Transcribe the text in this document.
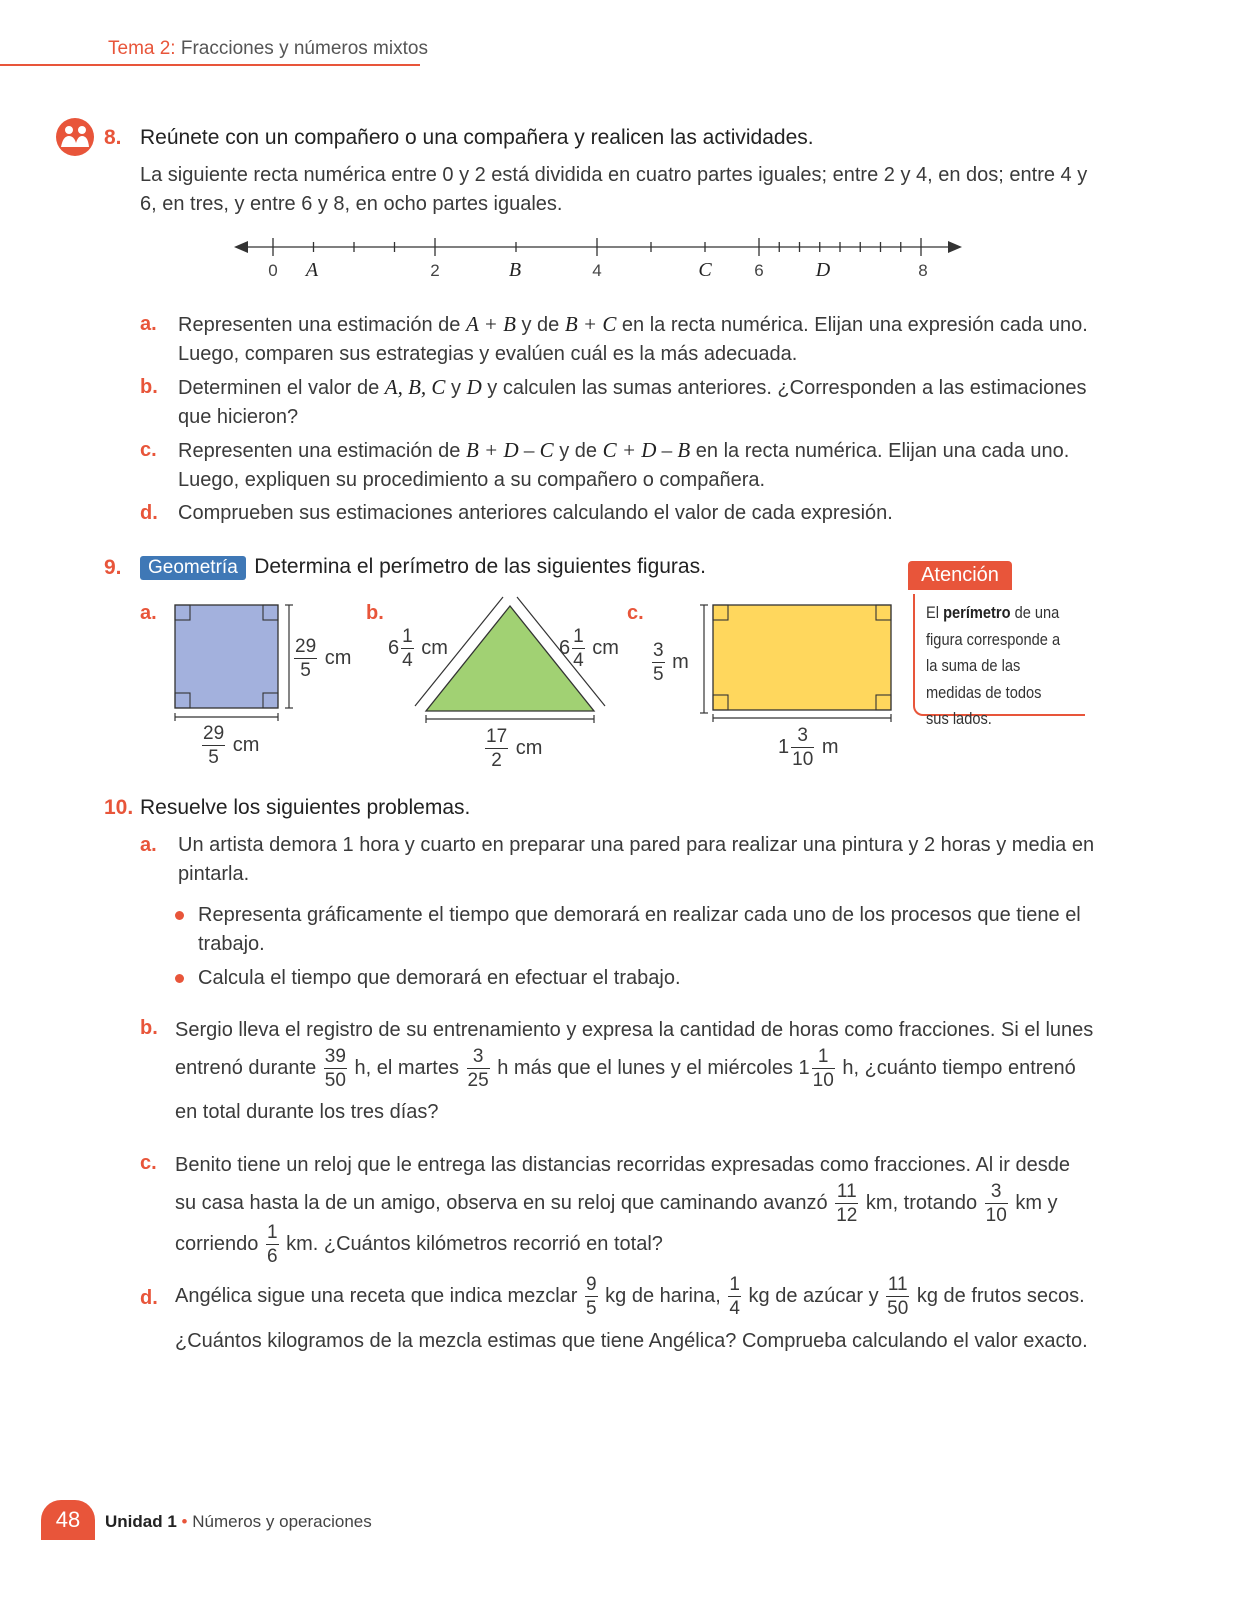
Tema 2: Fracciones y números mixtos
8. Reúnete con un compañero o una compañera y realicen las actividades.
La siguiente recta numérica entre 0 y 2 está dividida en cuatro partes iguales; entre 2 y 4, en dos; entre 4 y 6, en tres, y entre 6 y 8, en ocho partes iguales.
0	2	4	6	8
A	B	C	D
a. Representen una estimación de A + B y de B + C en la recta numérica. Elijan una expresión cada uno. Luego, comparen sus estrategias y evalúen cuál es la más adecuada.
b. Determinen el valor de A, B, C y D y calculen las sumas anteriores. ¿Corresponden a las estimaciones que hicieron?
c. Representen una estimación de B + D – C y de C + D – B en la recta numérica. Elijan una cada uno. Luego, expliquen su procedimiento a su compañero o compañera.
d. Comprueben sus estimaciones anteriores calculando el valor de cada expresión.
9.	Geometría Determina el perímetro de las siguientes figuras.
a.
$\frac{29}{5}$ cm
$\frac{29}{5}$ cm
b.
$6 \frac{1}{4}$ cm	$6 \frac{1}{4}$ cm
$\frac{17}{2}$ cm
c.
$\frac{3}{5}$ m
$1 \frac{3}{10}$ m
Atención
El perímetro de una figura corresponde a la suma de las medidas de todos sus lados.
10. Resuelve los siguientes problemas.
a. Un artista demora 1 hora y cuarto en preparar una pared para realizar una pintura y 2 horas y media en pintarla.
Representa gráficamente el tiempo que demorará en realizar cada uno de los procesos que tiene el trabajo.
Calcula el tiempo que demorará en efectuar el trabajo.
b. Sergio lleva el registro de su entrenamiento y expresa la cantidad de horas como fracciones. Si el lunes
entrenó durante $\frac{39}{50} h$, el martes $\frac{3}{25}$ h más que el lunes y el miércoles $1 \frac{1}{10} h$, ¿cuánto tiempo entrenó
en total durante los tres días?
c. Benito tiene un reloj que le entrega las distancias recorridas expresadas como fracciones. Al ir desde
su casa hasta la de un amigo, observa en su reloj que caminando avanzó $\frac{11}{12}$ km, trotando $\frac{3}{10}$ km y
corriendo $\frac{1}{6}$ km. ¿Cuántos kilómetros recorrió en total?
d. Angélica sigue una receta que indica mezclar $\frac{9}{5}$ kg de harina, $\frac{1}{4}$ kg de azúcar y $\frac{11}{50}$ kg de frutos secos.
¿Cuántos kilogramos de la mezcla estimas que tiene Angélica? Comprueba calculando el valor exacto.
48	Unidad 1 • Números y operaciones
